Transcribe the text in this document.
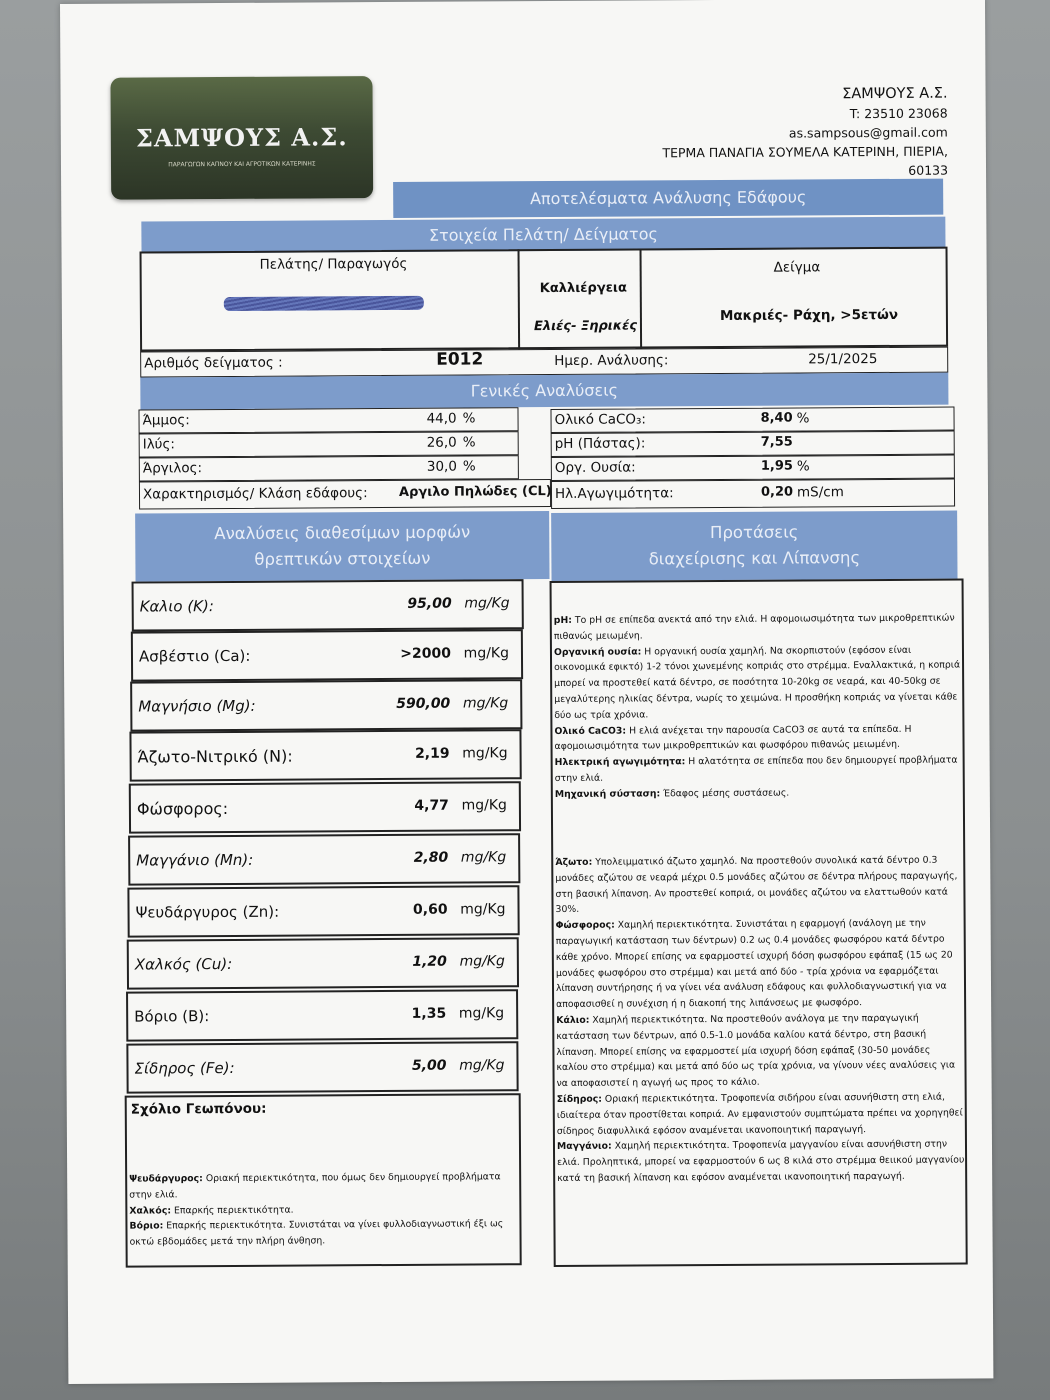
ΣΑΜΨΟΥΣ Α.Σ.
ΠΑΡΑΓΩΓΩΝ ΚΑΠΝΟΥ ΚΑΙ ΑΓΡΟΤΙΚΩΝ ΚΑΤΕΡΙΝΗΣ
ΣΑΜΨΟΥΣ Α.Σ.
T: 23510 23068
as.sampsous@gmail.com
ΤΕΡΜΑ ΠΑΝΑΓΙΑ ΣΟΥΜΕΛΑ ΚΑΤΕΡΙΝΗ, ΠΙΕΡΙΑ,
60133
Αποτελέσματα Ανάλυσης Εδάφους
Στοιχεία Πελάτη/ Δείγματος
Πελάτης/ Παραγωγός
Καλλιέργεια
Ελιές- Ξηρικές
Δείγμα
Μακριές- Ράχη, >5ετών
Αριθμός δείγματος :	E012	Ημερ. Ανάλυσης:	25/1/2025
Γενικές Αναλύσεις
Άμμος:	44,0 %
Ιλύς:	26,0 %
Άργιλος:	30,0 %
Χαρακτηρισμός/ Κλάση εδάφους: Αργιλο Πηλώδες (CL)
Ολικό CaCO₃:	8,40 %
pH (Πάστας):	7,55
Οργ. Ουσία:	1,95 %
Ηλ.Αγωγιμότητα:	0,20 mS/cm
Αναλύσεις διαθεσίμων μορφών
θρεπτικών στοιχείων
Προτάσεις
διαχείρισης και Λίπανσης
Καλιο (Κ):	95,00 mg/Kg
Ασβέστιο (Ca):	>2000 mg/Kg
Μαγνήσιο (Mg):	590,00 mg/Kg
Άζωτο-Νιτρικό (N):	2,19 mg/Kg
Φώσφορος:	4,77 mg/Kg
Μαγγάνιο (Mn):	2,80 mg/Kg
Ψευδάργυρος (Zn):	0,60 mg/Kg
Χαλκός (Cu):	1,20 mg/Kg
Βόριο (B):	1,35 mg/Kg
Σίδηρος (Fe):	5,00 mg/Kg
Σχόλιο Γεωπόνου:

Ψευδάργυρος: Οριακή περιεκτικότητα, που όμως δεν δημιουργεί προβλήματα στην ελιά.

Χαλκός: Επαρκής περιεκτικότητα.

Βόριο: Επαρκής περιεκτικότητα. Συνιστάται να γίνει φυλλοδιαγνωστική έξι ως οκτώ εβδομάδες μετά την πλήρη άνθηση.

pH: Το pH σε επίπεδα ανεκτά από την ελιά. Η αφομοιωσιμότητα των μικροθρεπτικών πιθανώς μειωμένη.

Οργανική ουσία: Η οργανική ουσία χαμηλή. Να σκορπιστούν (εφόσον είναι οικονομικά εφικτό) 1-2 τόνοι χωνεμένης κοπριάς στο στρέμμα. Εναλλακτικά, η κοπριά μπορεί να προστεθεί κατά δέντρο, σε ποσότητα 10-20kg σε νεαρά, και 40-50kg σε μεγαλύτερης ηλικίας δέντρα, νωρίς το χειμώνα. Η προσθήκη κοπριάς να γίνεται κάθε δύο ως τρία χρόνια.

Ολικό CaCO3: Η ελιά ανέχεται την παρουσία CaCO3 σε αυτά τα επίπεδα. Η αφομοιωσιμότητα των μικροθρεπτικών και φωσφόρου πιθανώς μειωμένη.

Ηλεκτρική αγωγιμότητα: Η αλατότητα σε επίπεδα που δεν δημιουργεί προβλήματα στην ελιά.

Μηχανική σύσταση: Έδαφος μέσης συστάσεως.

Άζωτο: Υπολειμματικό άζωτο χαμηλό. Να προστεθούν συνολικά κατά δέντρο 0.3 μονάδες αζώτου σε νεαρά μέχρι 0.5 μονάδες αζώτου σε δέντρα πλήρους παραγωγής, στη βασική λίπανση. Αν προστεθεί κοπριά, οι μονάδες αζώτου να ελαττωθούν κατά 30%.

Φώσφορος: Χαμηλή περιεκτικότητα. Συνιστάται η εφαρμογή (ανάλογη με την παραγωγική κατάσταση των δέντρων) 0.2 ως 0.4 μονάδες φωσφόρου κατά δέντρο κάθε χρόνο. Μπορεί επίσης να εφαρμοστεί ισχυρή δόση φωσφόρου εφάπαξ (15 ως 20 μονάδες φωσφόρου στο στρέμμα) και μετά από δύο - τρία χρόνια να εφαρμόζεται λίπανση συντήρησης ή να γίνει νέα ανάλυση εδάφους και φυλλοδιαγνωστική για να αποφασισθεί η συνέχιση ή η διακοπή της λιπάνσεως με φωσφόρο.

Κάλιο: Χαμηλή περιεκτικότητα. Να προστεθούν ανάλογα με την παραγωγική κατάσταση των δέντρων, από 0.5-1.0 μονάδα καλίου κατά δέντρο, στη βασική λίπανση. Μπορεί επίσης να εφαρμοστεί μία ισχυρή δόση εφάπαξ (30-50 μονάδες καλίου στο στρέμμα) και μετά από δύο ως τρία χρόνια, να γίνουν νέες αναλύσεις για να αποφασιστεί η αγωγή ως προς το κάλιο.

Σίδηρος: Οριακή περιεκτικότητα. Τροφοπενία σιδήρου είναι ασυνήθιστη στη ελιά, ιδιαίτερα όταν προστίθεται κοπριά. Αν εμφανιστούν συμπτώματα πρέπει να χορηγηθεί σίδηρος διαφυλλικά εφόσον αναμένεται ικανοποιητική παραγωγή.

Μαγγάνιο: Χαμηλή περιεκτικότητα. Τροφοπενία μαγγανίου είναι ασυνήθιστη στην ελιά. Προληπτικά, μπορεί να εφαρμοστούν 6 ως 8 κιλά στο στρέμμα θειικού μαγγανίου κατά τη βασική λίπανση και εφόσον αναμένεται ικανοποιητική παραγωγή.
